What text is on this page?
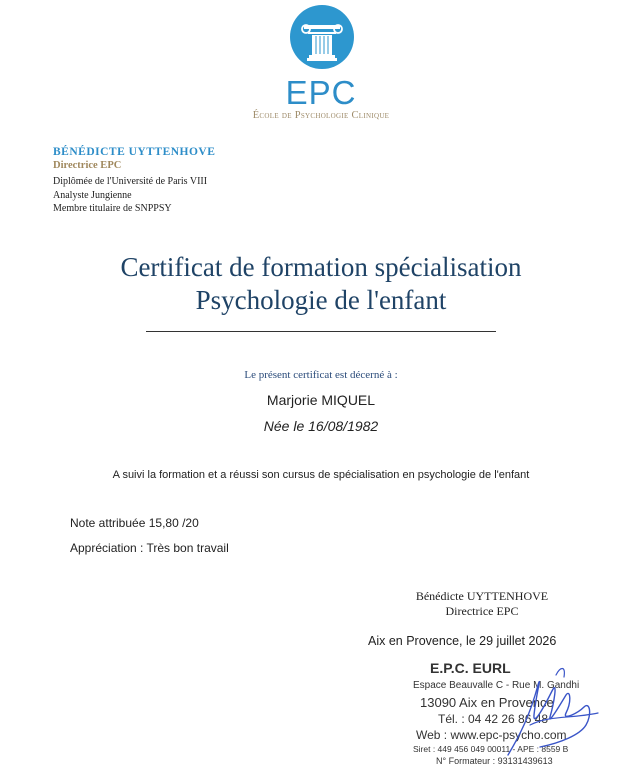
EPC
École de Psychologie Clinique
BÉNÉDICTE UYTTENHOVE
Directrice EPC
Diplômée de l'Université de Paris VIII
Analyste Jungienne
Membre titulaire de SNPPSY
Certificat de formation spécialisation
Psychologie de l'enfant
Le présent certificat est décerné à :
Marjorie MIQUEL
Née le 16/08/1982
A suivi la formation et a réussi son cursus de spécialisation en psychologie de l'enfant
Note attribuée 15,80 /20
Appréciation : Très bon travail
Bénédicte UYTTENHOVE
Directrice EPC
Aix en Provence, le 29 juillet 2026
E.P.C. EURL
Espace Beauvalle C - Rue M. Gandhi
13090 Aix en Provence
Tél. : 04 42 26 86 48
Web : www.epc-psycho.com
Siret : 449 456 049 00011 - APE : 8559 B
N° Formateur : 93131439613
